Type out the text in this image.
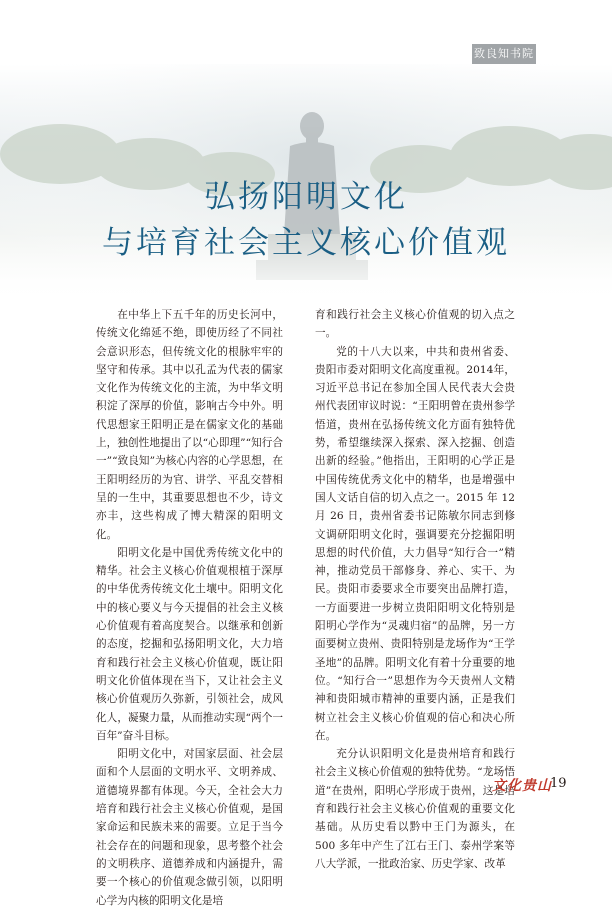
致良知书院
弘扬阳明文化
与培育社会主义核心价值观

在中华上下五千年的历史长河中，传统文化绵延不绝，即使历经了不同社会意识形态，但传统文化的根脉牢牢的坚守和传承。其中以孔孟为代表的儒家文化作为传统文化的主流，为中华文明积淀了深厚的价值，影响古今中外。明代思想家王阳明正是在儒家文化的基础上，独创性地提出了以“心即理”“知行合一”“致良知”为核心内容的心学思想，在王阳明经历的为官、讲学、平乱交替相呈的一生中，其重要思想也不少，诗文亦丰，这些构成了博大精深的阳明文化。

阳明文化是中国优秀传统文化中的精华。社会主义核心价值观根植于深厚的中华优秀传统文化土壤中。阳明文化中的核心要义与今天提倡的社会主义核心价值观有着高度契合。以继承和创新的态度，挖掘和弘扬阳明文化，大力培育和践行社会主义核心价值观，既让阳明文化价值体现在当下，又让社会主义核心价值观历久弥新，引领社会，成风化人，凝聚力量，从而推动实现“两个一百年”奋斗目标。

阳明文化中，对国家层面、社会层面和个人层面的文明水平、文明养成、道德境界都有体现。今天，全社会大力培育和践行社会主义核心价值观，是国家命运和民族未来的需要。立足于当今社会存在的问题和现象，思考整个社会的文明秩序、道德养成和内涵提升，需要一个核心的价值观念做引领，以阳明心学为内核的阳明文化是培

育和践行社会主义核心价值观的切入点之一。

党的十八大以来，中共和贵州省委、贵阳市委对阳明文化高度重视。2014年，习近平总书记在参加全国人民代表大会贵州代表团审议时说：“王阳明曾在贵州参学悟道，贵州在弘扬传统文化方面有独特优势，希望继续深入探索、深入挖掘、创造出新的经验。”他指出，王阳明的心学正是中国传统优秀文化中的精华，也是增强中国人文话自信的切入点之一。2015 年 12 月 26 日，贵州省委书记陈敏尔同志到修文调研阳明文化时，强调要充分挖掘阳明思想的时代价值，大力倡导“知行合一”精神，推动党员干部修身、养心、实干、为民。贵阳市委要求全市要突出品牌打造，一方面要进一步树立贵阳阳明文化特别是阳明心学作为“灵魂归宿”的品牌，另一方面要树立贵州、贵阳特别是龙场作为“王学圣地”的品牌。阳明文化有着十分重要的地位。“知行合一”思想作为今天贵州人文精神和贵阳城市精神的重要内涵，正是我们树立社会主义核心价值观的信心和决心所在。

充分认识阳明文化是贵州培育和践行社会主义核心价值观的独特优势。“龙场悟道”在贵州，阳明心学形成于贵州，这是培育和践行社会主义核心价值观的重要文化基础。从历史看以黔中王门为源头，在 500 多年中产生了江右王门、泰州学案等八大学派，一批政治家、历史学家、改革

文化贵山
19
